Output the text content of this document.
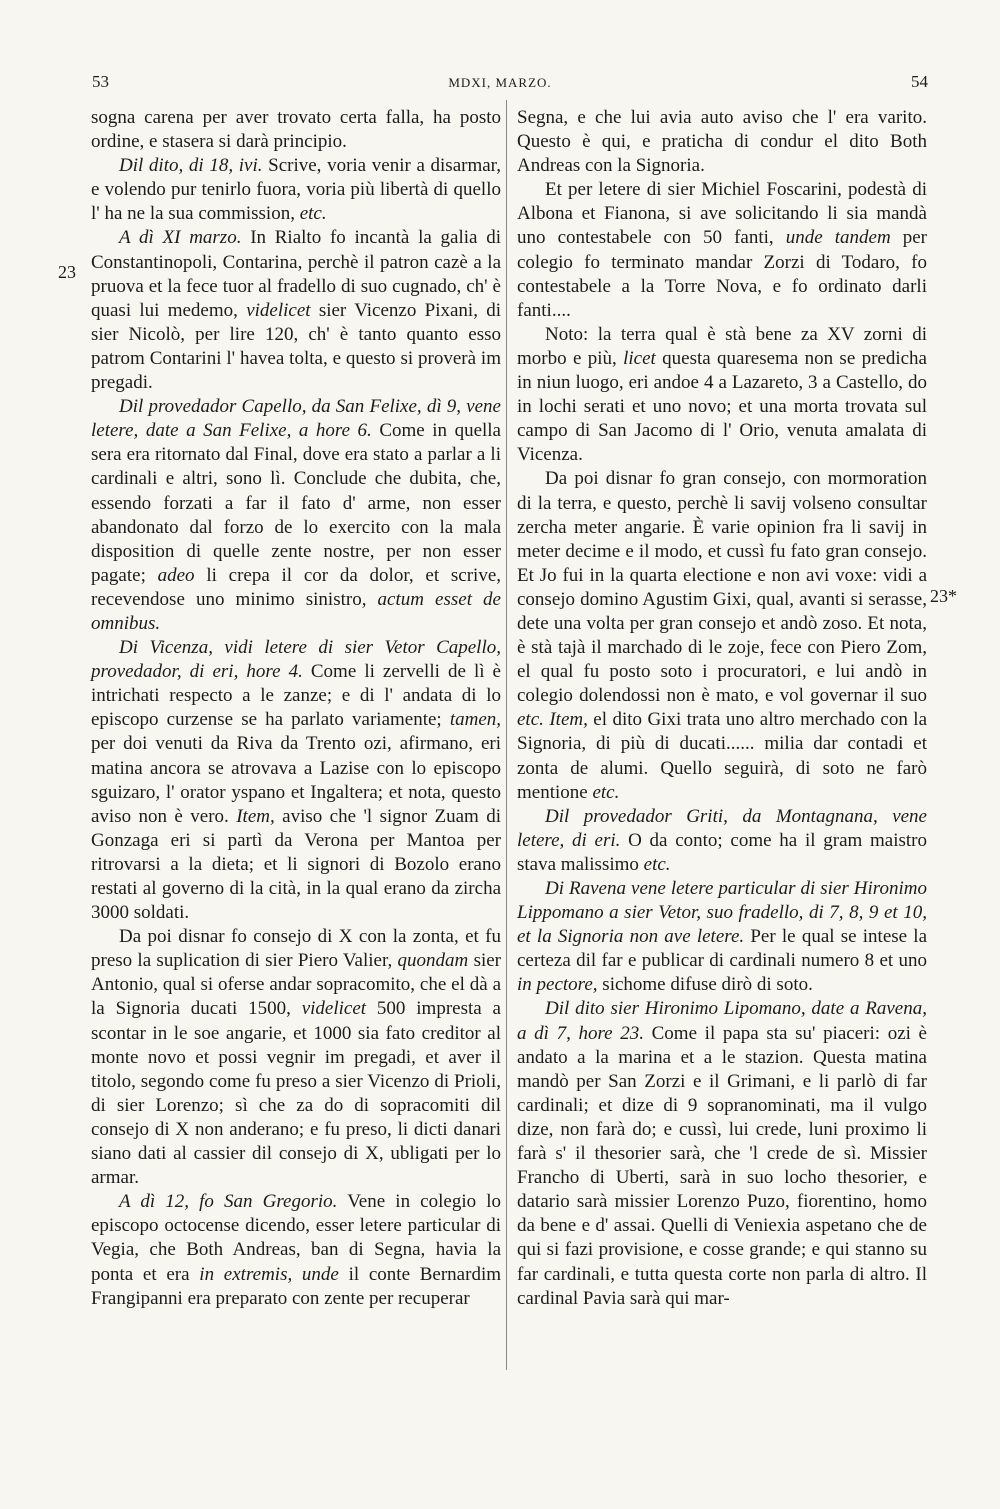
53	MDXI, MARZO.	54
23
23*

sogna carena per aver trovato certa falla, ha posto ordine, e stasera si darà principio.

Dil dito, di 18, ivi. Scrive, voria venir a disarmar, e volendo pur tenirlo fuora, voria più libertà di quello l' ha ne la sua commission, etc.

A dì XI marzo. In Rialto fo incantà la galia di Constantinopoli, Contarina, perchè il patron cazè a la pruova et la fece tuor al fradello di suo cugnado, ch' è quasi lui medemo, videlicet sier Vicenzo Pixani, di sier Nicolò, per lire 120, ch' è tanto quanto esso patrom Contarini l' havea tolta, e questo si proverà im pregadi.

Dil provedador Capello, da San Felixe, dì 9, vene letere, date a San Felixe, a hore 6. Come in quella sera era ritornato dal Final, dove era stato a parlar a li cardinali e altri, sono lì. Conclude che dubita, che, essendo forzati a far il fato d' arme, non esser abandonato dal forzo de lo exercito con la mala disposition di quelle zente nostre, per non esser pagate; adeo li crepa il cor da dolor, et scrive, recevendose uno minimo sinistro, actum esset de omnibus.

Di Vicenza, vidi letere di sier Vetor Capello, provedador, di eri, hore 4. Come li zervelli de lì è intrichati respecto a le zanze; e di l' andata di lo episcopo curzense se ha parlato variamente; tamen, per doi venuti da Riva da Trento ozi, afirmano, eri matina ancora se atrovava a Lazise con lo episcopo sguizaro, l' orator yspano et Ingaltera; et nota, questo aviso non è vero. Item, aviso che 'l signor Zuam di Gonzaga eri si partì da Verona per Mantoa per ritrovarsi a la dieta; et li signori di Bozolo erano restati al governo di la cità, in la qual erano da zircha 3000 soldati.

Da poi disnar fo consejo di X con la zonta, et fu preso la suplication di sier Piero Valier, quondam sier Antonio, qual si oferse andar sopracomito, che el dà a la Signoria ducati 1500, videlicet 500 impresta a scontar in le soe angarie, et 1000 sia fato creditor al monte novo et possi vegnir im pregadi, et aver il titolo, segondo come fu preso a sier Vicenzo di Prioli, di sier Lorenzo; sì che za do di sopracomiti dil consejo di X non anderano; e fu preso, li dicti danari siano dati al cassier dil consejo di X, ubligati per lo armar.

A dì 12, fo San Gregorio. Vene in colegio lo episcopo octocense dicendo, esser letere particular di Vegia, che Both Andreas, ban di Segna, havia la ponta et era in extremis, unde il conte Bernardim Frangipanni era preparato con zente per recuperar

Segna, e che lui avia auto aviso che l' era varito. Questo è qui, e praticha di condur el dito Both Andreas con la Signoria.

Et per letere di sier Michiel Foscarini, podestà di Albona et Fianona, si ave solicitando li sia mandà uno contestabele con 50 fanti, unde tandem per colegio fo terminato mandar Zorzi di Todaro, fo contestabele a la Torre Nova, e fo ordinato darli fanti....

Noto: la terra qual è stà bene za XV zorni di morbo e più, licet questa quaresema non se predicha in niun luogo, eri andoe 4 a Lazareto, 3 a Castello, do in lochi serati et uno novo; et una morta trovata sul campo di San Jacomo di l' Orio, venuta amalata di Vicenza.

Da poi disnar fo gran consejo, con mormoration di la terra, e questo, perchè li savij volseno consultar zercha meter angarie. È varie opinion fra li savij in meter decime e il modo, et cussì fu fato gran consejo. Et Jo fui in la quarta electione e non avi voxe: vidi a consejo domino Agustim Gixi, qual, avanti si serasse, dete una volta per gran consejo et andò zoso. Et nota, è stà tajà il marchado di le zoje, fece con Piero Zom, el qual fu posto soto i procuratori, e lui andò in colegio dolendossi non è mato, e vol governar il suo etc. Item, el dito Gixi trata uno altro merchado con la Signoria, di più di ducati...... milia dar contadi et zonta de alumi. Quello seguirà, di soto ne farò mentione etc.

Dil provedador Griti, da Montagnana, vene letere, di eri. O da conto; come ha il gram maistro stava malissimo etc.

Di Ravena vene letere particular di sier Hironimo Lippomano a sier Vetor, suo fradello, di 7, 8, 9 et 10, et la Signoria non ave letere. Per le qual se intese la certeza dil far e publicar di cardinali numero 8 et uno in pectore, sichome difuse dirò di soto.

Dil dito sier Hironimo Lipomano, date a Ravena, a dì 7, hore 23. Come il papa sta su' piaceri: ozi è andato a la marina et a le stazion. Questa matina mandò per San Zorzi e il Grimani, e li parlò di far cardinali; et dize di 9 sopranominati, ma il vulgo dize, non farà do; e cussì, lui crede, luni proximo li farà s' il thesorier sarà, che 'l crede de sì. Missier Francho di Uberti, sarà in suo locho thesorier, e datario sarà missier Lorenzo Puzo, fiorentino, homo da bene e d' assai. Quelli di Veniexia aspetano che de qui si fazi provisione, e cosse grande; e qui stanno su far cardinali, e tutta questa corte non parla di altro. Il cardinal Pavia sarà qui mar-
